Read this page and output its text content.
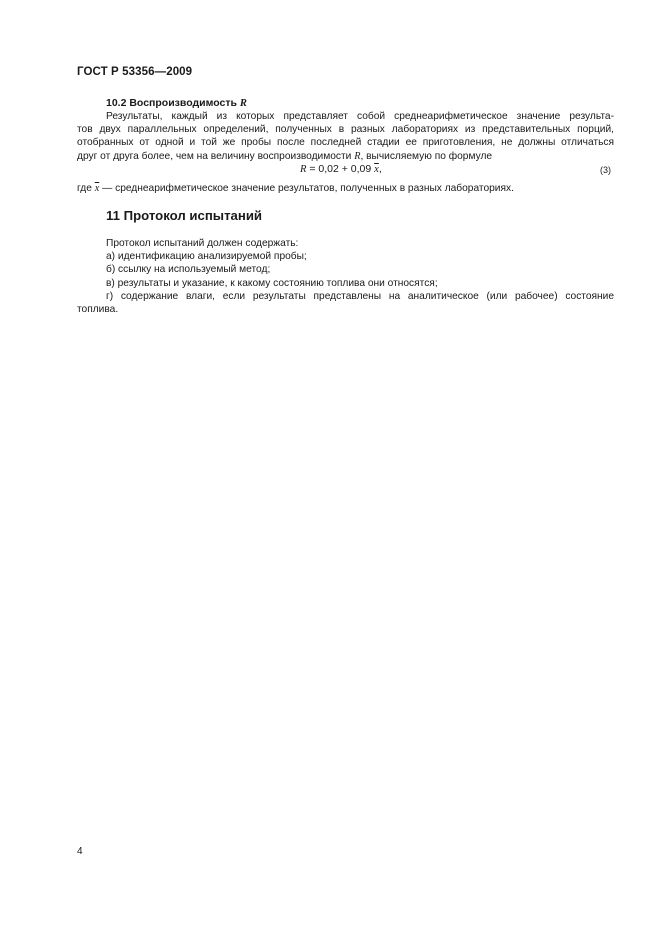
ГОСТ Р 53356—2009
10.2 Воспроизводимость R
Результаты, каждый из которых представляет собой среднеарифметическое значение результа-
тов двух параллельных определений, полученных в разных лабораториях из представительных порций,
отобранных от одной и той же пробы после последней стадии ее приготовления, не должны отличаться
друг от друга более, чем на величину воспроизводимости R, вычисляемую по формуле
R = 0,02 + 0,09 $\overline{x}$,	(3)
где $\overline{x}$ — среднеарифметическое значение результатов, полученных в разных лабораториях.
11 Протокол испытаний
Протокол испытаний должен содержать:
а) идентификацию анализируемой пробы;
б) ссылку на используемый метод;
в) результаты и указание, к какому состоянию топлива они относятся;
г) содержание влаги, если результаты представлены на аналитическое (или рабочее) состояние
топлива.
4
